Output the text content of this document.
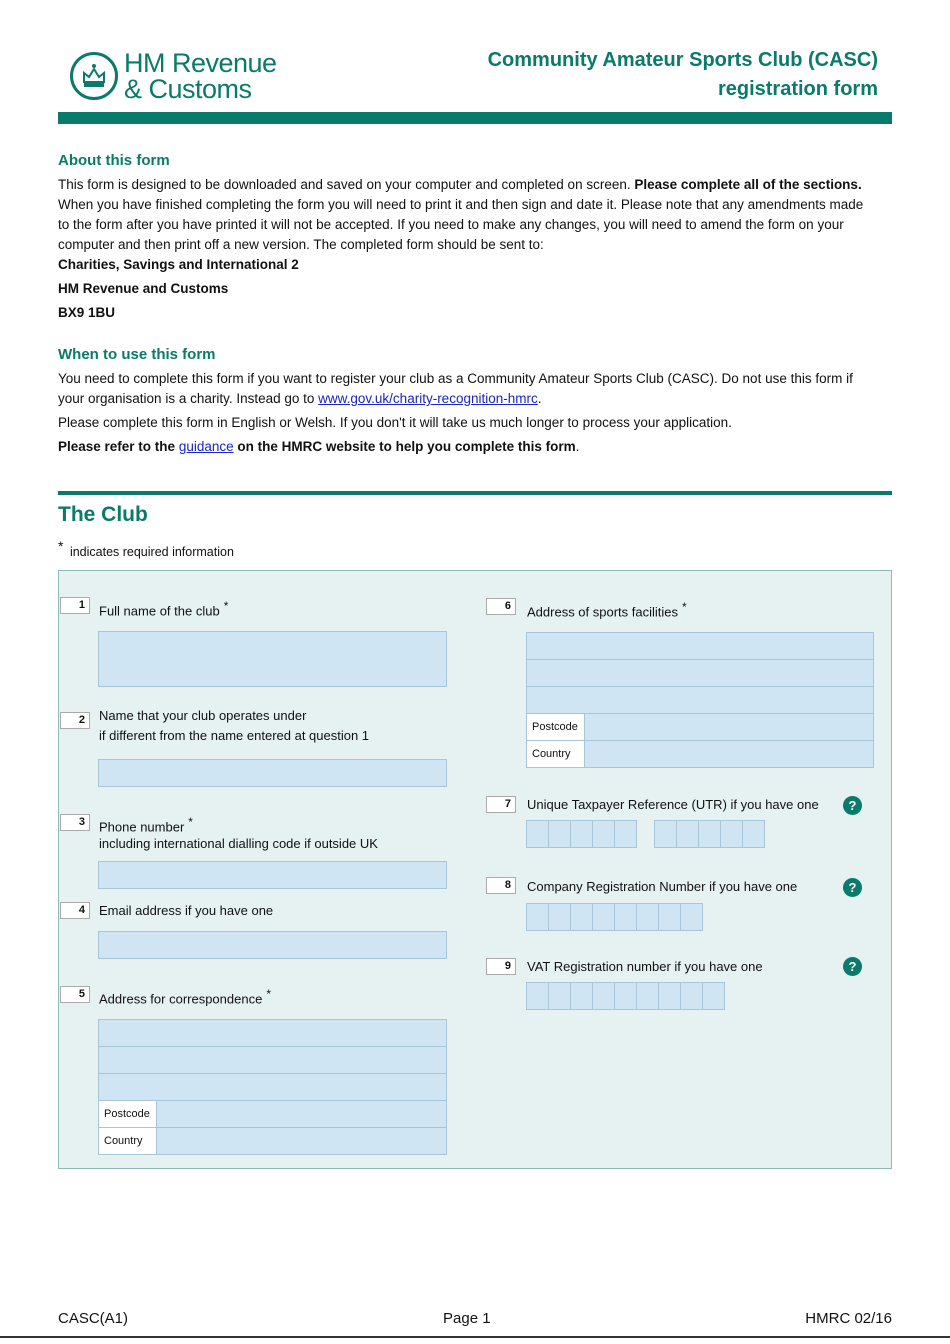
HM Revenue
& Customs
Community Amateur Sports Club (CASC)
registration form
About this form
This form is designed to be downloaded and saved on your computer and completed on screen. Please complete all of the sections. When you have finished completing the form you will need to print it and then sign and date it. Please note that any amendments made to the form after you have printed it will not be accepted. If you need to make any changes, you will need to amend the form on your computer and then print off a new version. The completed form should be sent to:
Charities, Savings and International 2
HM Revenue and Customs
BX9 1BU
When to use this form
You need to complete this form if you want to register your club as a Community Amateur Sports Club (CASC). Do not use this form if your organisation is a charity. Instead go to www.gov.uk/charity-recognition-hmrc.
Please complete this form in English or Welsh. If you don't it will take us much longer to process your application.
Please refer to the guidance on the HMRC website to help you complete this form.
The Club
* indicates required information
1	Full name of the club *
2	Name that your club operates under
if different from the name entered at question 1
3	Phone number *
including international dialling code if outside UK
4	Email address if you have one
5	Address for correspondence *
Postcode
Country
6	Address of sports facilities *
Postcode
Country
7	Unique Taxpayer Reference (UTR) if you have one	?
8	Company Registration Number if you have one	?
9	VAT Registration number if you have one	?
CASC(A1)	Page 1	HMRC 02/16
